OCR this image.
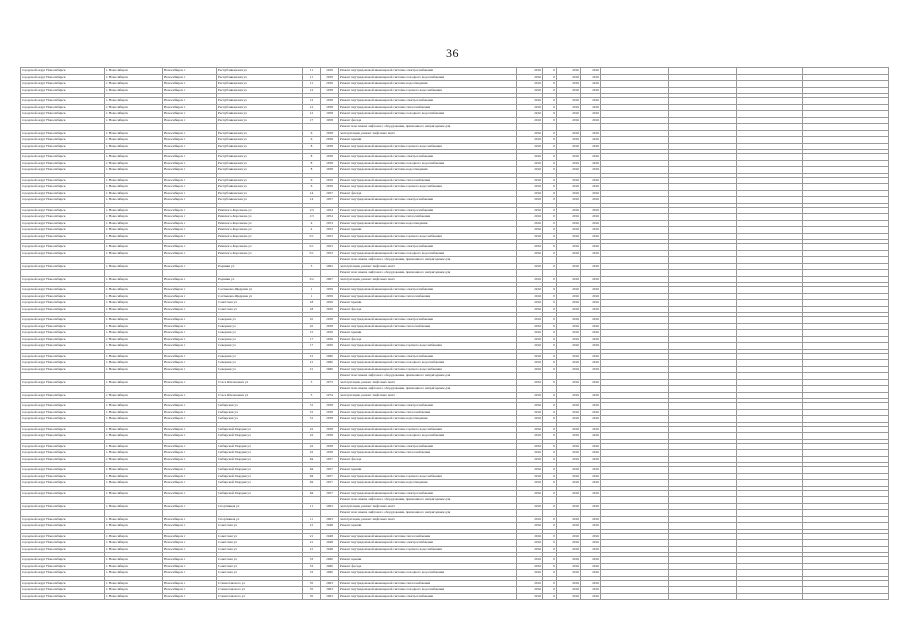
36
городской округ Новосибирск	г. Новосибирск	Новосибирск г	Республиканская ул	11	1959	Ремонт внутридомовой инженерной системы электроснабжения	2016	0	2016	2016				
городской округ Новосибирск	г. Новосибирск	Новосибирск г	Республиканская ул	11	1959	Ремонт внутридомовой инженерной системы холодного водоснабжения	2016	0	2016	2016				
городской округ Новосибирск	г. Новосибирск	Новосибирск г	Республиканская ул	11	1959	Ремонт внутридомовой инженерной системы водоотведения	2016	0	2016	2016				
городской округ Новосибирск	г. Новосибирск	Новосибирск г	Республиканская ул	12	1958	Ремонт внутридомовой инженерной системы горячего водоснабжения	2016	0	2016	2016				

городской округ Новосибирск	г. Новосибирск	Новосибирск г	Республиканская ул	12	1958	Ремонт внутридомовой инженерной системы электроснабжения	2016	0	2016	2016				
городской округ Новосибирск	г. Новосибирск	Новосибирск г	Республиканская ул	12	1958	Ремонт внутридомовой инженерной системы теплоснабжения	2016	0	2016	2016				
городской округ Новосибирск	г. Новосибирск	Новосибирск г	Республиканская ул	12	1958	Ремонт внутридомовой инженерной системы холодного водоснабжения	2016	0	2016	2016				
городской округ Новосибирск	г. Новосибирск	Новосибирск г	Республиканская ул	17	1958	Ремонт фасада	2016	0	2016	2016				
						Ремонт или замена лифтового оборудования, признанного непригодным для								
городской округ Новосибирск	г. Новосибирск	Новосибирск г	Республиканская ул	6	1958	эксплуатации, ремонт лифтовых шахт	2016	0	2016	2016				
городской округ Новосибирск	г. Новосибирск	Новосибирск г	Республиканская ул	6	1958	Ремонт крыши	2016	0	2016	2016				
городской округ Новосибирск	г. Новосибирск	Новосибирск г	Республиканская ул	8	1958	Ремонт внутридомовой инженерной системы горячего водоснабжения	2016	0	2016	2016				

городской округ Новосибирск	г. Новосибирск	Новосибирск г	Республиканская ул	8	1958	Ремонт внутридомовой инженерной системы электроснабжения	2016	0	2016	2016				
городской округ Новосибирск	г. Новосибирск	Новосибирск г	Республиканская ул	8	1958	Ремонт внутридомовой инженерной системы холодного водоснабжения	2016	0	2016	2016				
городской округ Новосибирск	г. Новосибирск	Новосибирск г	Республиканская ул	8	1958	Ремонт внутридомовой инженерной системы водоотведения	2016	0	2016	2016				

городской округ Новосибирск	г. Новосибирск	Новосибирск г	Республиканская ул	6	1959	Ремонт внутридомовой инженерной системы теплоснабжения	2016	0	2016	2016				
городской округ Новосибирск	г. Новосибирск	Новосибирск г	Республиканская ул	6	1959	Ремонт внутридомовой инженерной системы горячего водоснабжения	2016	0	2016	2016				
городской округ Новосибирск	г. Новосибирск	Новосибирск г	Республиканская ул	14	1957	Ремонт фасада	2016	0	2016	2016				
городской округ Новосибирск	г. Новосибирск	Новосибирск г	Республиканская ул	14	1957	Ремонт внутридомовой инженерной системы электроснабжения	2016	0	2016	2016				

городской округ Новосибирск	г. Новосибирск	Новосибирск г	Римского-Корсакова ул	1/3	1954	Ремонт внутридомовой инженерной системы электроснабжения	2016	0	2016	2016				
городской округ Новосибирск	г. Новосибирск	Новосибирск г	Римского-Корсакова ул	1/3	1954	Ремонт внутридомовой инженерной системы теплоснабжения	2016	0	2016	2016				
городской округ Новосибирск	г. Новосибирск	Новосибирск г	Римского-Корсакова ул	4	1953	Ремонт внутридомовой инженерной системы водоотведения	2016	0	2016	2016				
городской округ Новосибирск	г. Новосибирск	Новосибирск г	Римского-Корсакова ул	4	1953	Ремонт крыши	2016	0	2016	2016				
городской округ Новосибирск	г. Новосибирск	Новосибирск г	Римского-Корсакова ул	5/1	1953	Ремонт внутридомовой инженерной системы горячего водоснабжения	2016	0	2016	2016				

городской округ Новосибирск	г. Новосибирск	Новосибирск г	Римского-Корсакова ул	5/1	1953	Ремонт внутридомовой инженерной системы электроснабжения	2016	0	2016	2016				
городской округ Новосибирск	г. Новосибирск	Новосибирск г	Римского-Корсакова ул	5/1	1953	Ремонт внутридомовой инженерной системы холодного водоснабжения	2016	0	2016	2016				
						Ремонт или замена лифтового оборудования, признанного непригодным для								
городской округ Новосибирск	г. Новосибирск	Новосибирск г	Родники ул	3	1992	эксплуатации, ремонт лифтовых шахт	2016	0	2016	2016				
						Ремонт или замена лифтового оборудования, признанного непригодным для								
городской округ Новосибирск	г. Новосибирск	Новосибирск г	Родники ул	3/2	1997	эксплуатации, ремонт лифтовых шахт	2016	0	2016	2016				

городской округ Новосибирск	г. Новосибирск	Новосибирск г	Салтыкова-Щедрина ул	1	1959	Ремонт внутридомовой инженерной системы электроснабжения	2016	0	2016	2016				
городской округ Новосибирск	г. Новосибирск	Новосибирск г	Салтыкова-Щедрина ул	1	1959	Ремонт внутридомовой инженерной системы теплоснабжения	2016	0	2016	2016				
городской округ Новосибирск	г. Новосибирск	Новосибирск г	Советская ул	18	1956	Ремонт крыши	2016	0	2016	2016				
городской округ Новосибирск	г. Новосибирск	Новосибирск г	Советская ул	18	1956	Ремонт фасада	2016	0	2016	2016				

городской округ Новосибирск	г. Новосибирск	Новосибирск г	Северная ул	10	1958	Ремонт внутридомовой инженерной системы электроснабжения	2016	0	2016	2016				
городской округ Новосибирск	г. Новосибирск	Новосибирск г	Северная ул	10	1958	Ремонт внутридомовой инженерной системы теплоснабжения	2016	0	2016	2016				
городской округ Новосибирск	г. Новосибирск	Новосибирск г	Северная ул	15	1956	Ремонт крыши	2016	0	2016	2016				
городской округ Новосибирск	г. Новосибирск	Новосибирск г	Северная ул	17	1956	Ремонт фасада	2016	0	2016	2016				
городской округ Новосибирск	г. Новосибирск	Новосибирск г	Северная ул	17	1956	Ремонт внутридомовой инженерной системы горячего водоснабжения	2016	0	2016	2016				

городской округ Новосибирск	г. Новосибирск	Новосибирск г	Северная ул	21	1960	Ремонт внутридомовой инженерной системы электроснабжения	2016	0	2016	2016				
городской округ Новосибирск	г. Новосибирск	Новосибирск г	Северная ул	21	1960	Ремонт внутридомовой инженерной системы холодного водоснабжения	2016	0	2016	2016				
городской округ Новосибирск	г. Новосибирск	Новосибирск г	Северная ул	21	1960	Ремонт внутридомовой инженерной системы горячего водоснабжения	2016	0	2016	2016				
						Ремонт или замена лифтового оборудования, признанного непригодным для								
городской округ Новосибирск	г. Новосибирск	Новосибирск г	Стась Шелеховых ул	3	1973	эксплуатации, ремонт лифтовых шахт	2016	0	2016	2016				
						Ремонт или замена лифтового оборудования, признанного непригодным для								
городской округ Новосибирск	г. Новосибирск	Новосибирск г	Стась Шелеховых ул	3	1974	эксплуатации, ремонт лифтовых шахт	2016	0	2016	2016				

городской округ Новосибирск	г. Новосибирск	Новосибирск г	Сибирская ул	51	1958	Ремонт внутридомовой инженерной системы электроснабжения	2016	0	2016	2016				
городской округ Новосибирск	г. Новосибирск	Новосибирск г	Сибирская ул	51	1958	Ремонт внутридомовой инженерной системы теплоснабжения	2016	0	2016	2016				
городской округ Новосибирск	г. Новосибирск	Новосибирск г	Сибирская ул	51	1958	Ремонт внутридомовой инженерной системы водоотведения	2016	0	2016	2016				

городской округ Новосибирск	г. Новосибирск	Новосибирск г	Сибирской Гвардии ул	22	1958	Ремонт внутридомовой инженерной системы горячего водоснабжения	2016	0	2016	2016				
городской округ Новосибирск	г. Новосибирск	Новосибирск г	Сибирской Гвардии ул	22	1958	Ремонт внутридомовой инженерной системы холодного водоснабжения	2016	0	2016	2016				

городской округ Новосибирск	г. Новосибирск	Новосибирск г	Сибирской Гвардии ул	22	1958	Ремонт внутридомовой инженерной системы электроснабжения	2016	0	2016	2016				
городской округ Новосибирск	г. Новосибирск	Новосибирск г	Сибирской Гвардии ул	22	1958	Ремонт внутридомовой инженерной системы теплоснабжения	2016	0	2016	2016				
городской округ Новосибирск	г. Новосибирск	Новосибирск г	Сибирской Гвардии ул	64	1957	Ремонт фасада	2016	0	2016	2016				

городской округ Новосибирск	г. Новосибирск	Новосибирск г	Сибирской Гвардии ул	64	1957	Ремонт крыши	2016	0	2016	2016				
городской округ Новосибирск	г. Новосибирск	Новосибирск г	Сибирской Гвардии ул	64	1957	Ремонт внутридомовой инженерной системы горячего водоснабжения	2016	0	2016	2016				
городской округ Новосибирск	г. Новосибирск	Новосибирск г	Сибирской Гвардии ул	64	1957	Ремонт внутридомовой инженерной системы водоотведения	2016	0	2016	2016				

городской округ Новосибирск	г. Новосибирск	Новосибирск г	Сибирской Гвардии ул	64	1957	Ремонт внутридомовой инженерной системы электроснабжения	2016	0	2016	2016				
						Ремонт или замена лифтового оборудования, признанного непригодным для								
городской округ Новосибирск	г. Новосибирск	Новосибирск г	Спортивная ул	11	1993	эксплуатации, ремонт лифтовых шахт	2016	0	2016	2016				
						Ремонт или замена лифтового оборудования, признанного непригодным для								
городской округ Новосибирск	г. Новосибирск	Новосибирск г	Спортивная ул	11	1993	эксплуатации, ремонт лифтовых шахт	2016	0	2016	2016				
городской округ Новосибирск	г. Новосибирск	Новосибирск г	Советская ул	21	1948	Ремонт крыши	2016	0	2016	2016				

городской округ Новосибирск	г. Новосибирск	Новосибирск г	Советская ул	21	1948	Ремонт внутридомовой инженерной системы теплоснабжения	2016	0	2016	2016				
городской округ Новосибирск	г. Новосибирск	Новосибирск г	Советская ул	21	1948	Ремонт внутридомовой инженерной системы электроснабжения	2016	0	2016	2016				
городской округ Новосибирск	г. Новосибирск	Новосибирск г	Советская ул	21	1948	Ремонт внутридомовой инженерной системы горячего водоснабжения	2016	0	2016	2016				

городской округ Новосибирск	г. Новосибирск	Новосибирск г	Советская ул	53	1960	Ремонт крыши	2016	0	2016	2016				
городской округ Новосибирск	г. Новосибирск	Новосибирск г	Советская ул	53	1960	Ремонт фасада	2016	0	2016	2016				
городской округ Новосибирск	г. Новосибирск	Новосибирск г	Советская ул	53	1960	Ремонт внутридомовой инженерной системы холодного водоснабжения	2016	0	2016	2016				

городской округ Новосибирск	г. Новосибирск	Новосибирск г	Станиславского ул	35	1963	Ремонт внутридомовой инженерной системы теплоснабжения	2016	0	2016	2016				
городской округ Новосибирск	г. Новосибирск	Новосибирск г	Станиславского ул	35	1963	Ремонт внутридомовой инженерной системы холодного водоснабжения	2016	0	2016	2016				
городской округ Новосибирск	г. Новосибирск	Новосибирск г	Станиславского ул	35	1963	Ремонт внутридомовой инженерной системы электроснабжения	2016	0	2016	2016				
